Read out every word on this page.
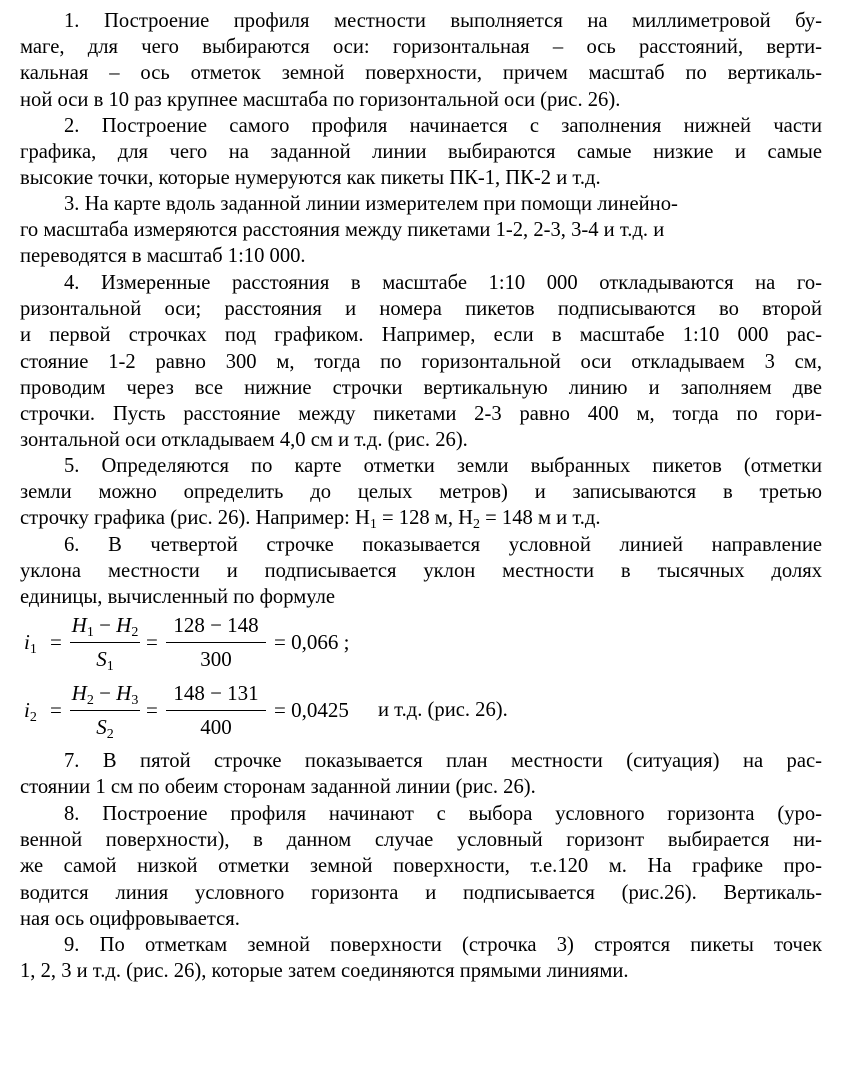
1. Построение профиля местности выполняется на миллиметровой бу-
маге, для чего выбираются оси: горизонтальная – ось расстояний, верти-
кальная – ось отметок земной поверхности, причем масштаб по вертикаль-
ной оси в 10 раз крупнее масштаба по горизонтальной оси (рис. 26).
2. Построение самого профиля начинается с заполнения нижней части
графика, для чего на заданной линии выбираются самые низкие и самые
высокие точки, которые нумеруются как пикеты ПК-1, ПК-2 и т.д.
3. На карте вдоль заданной линии измерителем при помощи линейно-
го масштаба измеряются расстояния между пикетами 1-2, 2-3, 3-4 и т.д. и
переводятся в масштаб 1:10 000.
4. Измеренные расстояния в масштабе 1:10 000 откладываются на го-
ризонтальной оси; расстояния и номера пикетов подписываются во второй
и первой строчках под графиком. Например, если в масштабе 1:10 000 рас-
стояние 1-2 равно 300 м, тогда по горизонтальной оси откладываем 3 см,
проводим через все нижние строчки вертикальную линию и заполняем две
строчки. Пусть расстояние между пикетами 2-3 равно 400 м, тогда по гори-
зонтальной оси откладываем 4,0 см и т.д. (рис. 26).
5. Определяются по карте отметки земли выбранных пикетов (отметки
земли можно определить до целых метров) и записываются в третью
строчку графика (рис. 26). Например: $Н_1 = 128$ м, $Н_2 = 148$ м и т.д.
6. В четвертой строчке показывается условной линией направление
уклона местности и подписывается уклон местности в тысячных долях
единицы, вычисленный по формуле
$i_1$ =
$H_1 - H_2$
$S_1$
=
128 − 148
300
= 0,066 ;
$i_2$ =
$H_2 - H_3$
$S_2$
=
148 − 131
400
= 0,0425 и т.д. (рис. 26).
7. В пятой строчке показывается план местности (ситуация) на рас-
стоянии 1 см по обеим сторонам заданной линии (рис. 26).
8. Построение профиля начинают с выбора условного горизонта (уро-
венной поверхности), в данном случае условный горизонт выбирается ни-
же самой низкой отметки земной поверхности, т.е.120 м. На графике про-
водится линия условного горизонта и подписывается (рис.26). Вертикаль-
ная ось оцифровывается.
9. По отметкам земной поверхности (строчка 3) строятся пикеты точек
1, 2, 3 и т.д. (рис. 26), которые затем соединяются прямыми линиями.
